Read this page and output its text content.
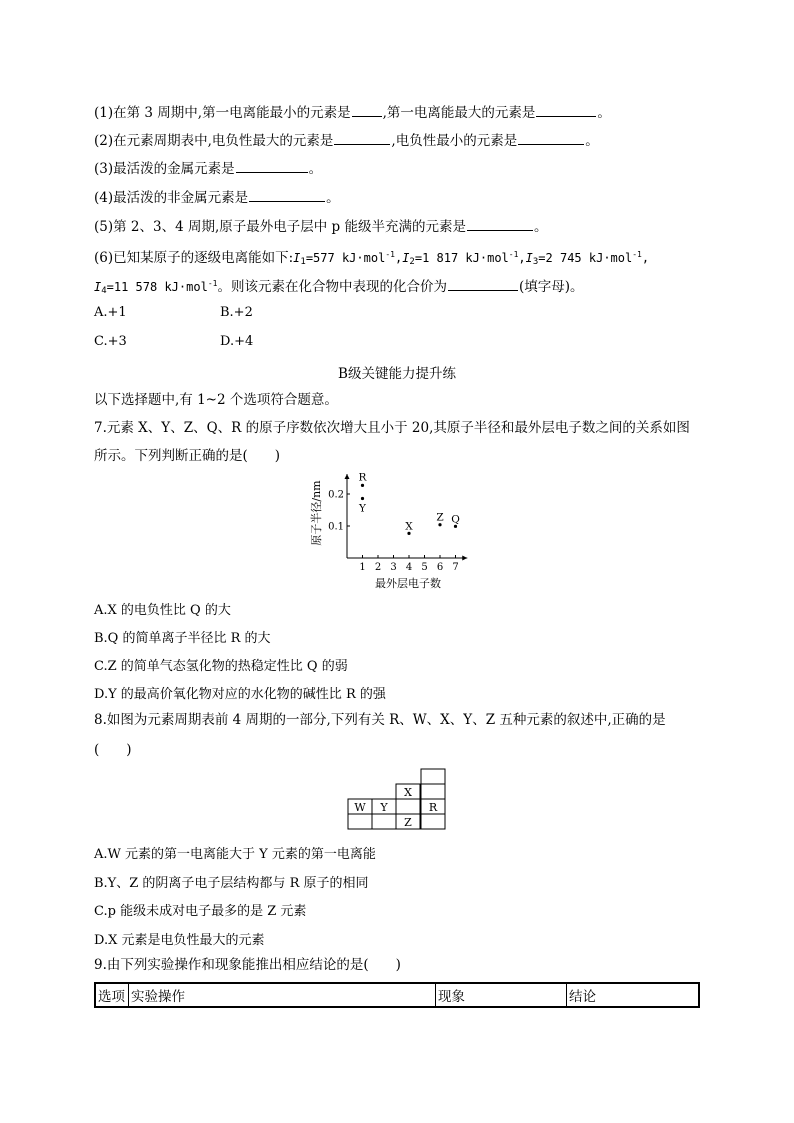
(1)在第 3 周期中,第一电离能最小的元素是 ,第一电离能最大的元素是	。
(2)在元素周期表中,电负性最大的元素是	,电负性最小的元素是	。
(3)最活泼的金属元素是	。
(4)最活泼的非金属元素是	。
(5)第 2、3、4 周期,原子最外电子层中 p 能级半充满的元素是	。
(6)已知某原子的逐级电离能如下$:I_1=577$ $kJ\cdot mol^{-1},I_2=1$ 817 $kJ\cdot mol^{-1},I_3=2$ 745 kJ·mol$^{-1}$,
$I_4=11$ 578 kJ·mol$^{-1}$。则该元素在化合物中表现的化合价为	(填字母)。
A.+1	B.+2
C.+3	D.+4
B级关键能力提升练
以下选择题中,有 1~2 个选项符合题意。
7.元素 X、Y、Z、Q、R 的原子序数依次增大且小于 20,其原子半径和最外层电子数之间的关系如图
所示。下列判断正确的是(　　)
1 2 3 4 5 6 7
0.1
0.2
R
Y
X
Z Q
最外层电子数
原子半径/nm
A.X 的电负性比 Q 的大
B.Q 的简单离子半径比 R 的大
C.Z 的简单气态氢化物的热稳定性比 Q 的弱
D.Y 的最高价氧化物对应的水化物的碱性比 R 的强
8.如图为元素周期表前 4 周期的一部分,下列有关 R、W、X、Y、Z 五种元素的叙述中,正确的是
(　　)
X
W Y	R
Z
A.W 元素的第一电离能大于 Y 元素的第一电离能
B.Y、Z 的阴离子电子层结构都与 R 原子的相同
C.p 能级未成对电子最多的是 Z 元素
D.X 元素是电负性最大的元素
9.由下列实验操作和现象能推出相应结论的是(　　)
选项	实验操作	现象	结论
